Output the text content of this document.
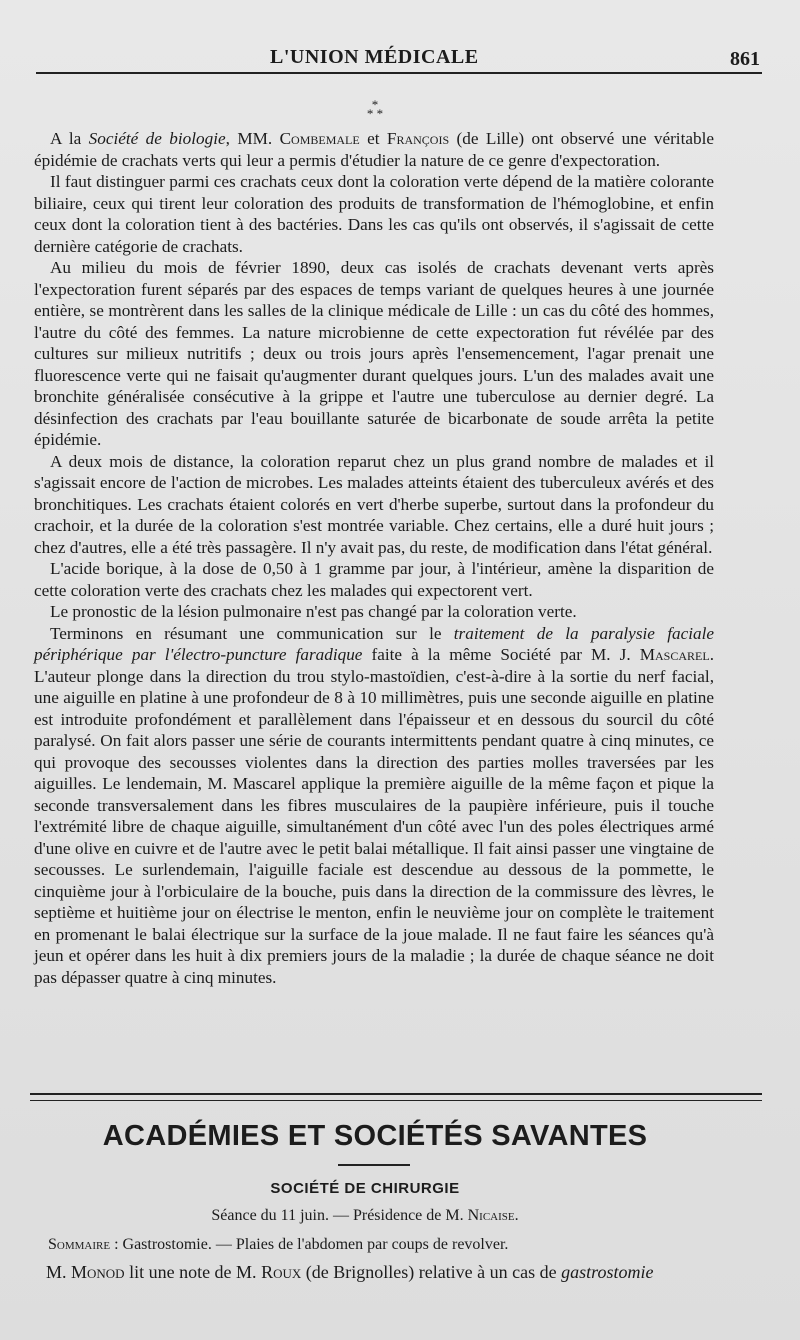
L'UNION MÉDICALE	861
*
* *

A la Société de biologie, MM. Combemale et François (de Lille) ont observé une véritable épidémie de crachats verts qui leur a permis d'étudier la nature de ce genre d'expectoration.

Il faut distinguer parmi ces crachats ceux dont la coloration verte dépend de la matière colorante biliaire, ceux qui tirent leur coloration des produits de transformation de l'hémoglobine, et enfin ceux dont la coloration tient à des bactéries. Dans les cas qu'ils ont observés, il s'agissait de cette dernière catégorie de crachats.

Au milieu du mois de février 1890, deux cas isolés de crachats devenant verts après l'expectoration furent séparés par des espaces de temps variant de quelques heures à une journée entière, se montrèrent dans les salles de la clinique médicale de Lille : un cas du côté des hommes, l'autre du côté des femmes. La nature microbienne de cette expectoration fut révélée par des cultures sur milieux nutritifs ; deux ou trois jours après l'ensemencement, l'agar prenait une fluorescence verte qui ne faisait qu'augmenter durant quelques jours. L'un des malades avait une bronchite généralisée consécutive à la grippe et l'autre une tuberculose au dernier degré. La désinfection des crachats par l'eau bouillante saturée de bicarbonate de soude arrêta la petite épidémie.

A deux mois de distance, la coloration reparut chez un plus grand nombre de malades et il s'agissait encore de l'action de microbes. Les malades atteints étaient des tuberculeux avérés et des bronchitiques. Les crachats étaient colorés en vert d'herbe superbe, surtout dans la profondeur du crachoir, et la durée de la coloration s'est montrée variable. Chez certains, elle a duré huit jours ; chez d'autres, elle a été très passagère. Il n'y avait pas, du reste, de modification dans l'état général.

L'acide borique, à la dose de 0,50 à 1 gramme par jour, à l'intérieur, amène la disparition de cette coloration verte des crachats chez les malades qui expectorent vert.

Le pronostic de la lésion pulmonaire n'est pas changé par la coloration verte.

Terminons en résumant une communication sur le traitement de la paralysie faciale périphérique par l'électro-puncture faradique faite à la même Société par M. J. Mascarel. L'auteur plonge dans la direction du trou stylo-mastoïdien, c'est-à-dire à la sortie du nerf facial, une aiguille en platine à une profondeur de 8 à 10 millimètres, puis une seconde aiguille en platine est introduite profondément et parallèlement dans l'épaisseur et en dessous du sourcil du côté paralysé. On fait alors passer une série de courants intermittents pendant quatre à cinq minutes, ce qui provoque des secousses violentes dans la direction des parties molles traversées par les aiguilles. Le lendemain, M. Mascarel applique la première aiguille de la même façon et pique la seconde transversalement dans les fibres musculaires de la paupière inférieure, puis il touche l'extrémité libre de chaque aiguille, simultanément d'un côté avec l'un des poles électriques armé d'une olive en cuivre et de l'autre avec le petit balai métallique. Il fait ainsi passer une vingtaine de secousses. Le surlendemain, l'aiguille faciale est descendue au dessous de la pommette, le cinquième jour à l'orbiculaire de la bouche, puis dans la direction de la commissure des lèvres, le septième et huitième jour on électrise le menton, enfin le neuvième jour on complète le traitement en promenant le balai électrique sur la surface de la joue malade. Il ne faut faire les séances qu'à jeun et opérer dans les huit à dix premiers jours de la maladie ; la durée de chaque séance ne doit pas dépasser quatre à cinq minutes.

ACADÉMIES ET SOCIÉTÉS SAVANTES
SOCIÉTÉ DE CHIRURGIE
Séance du 11 juin. — Présidence de M. Nicaise.
Sommaire : Gastrostomie. — Plaies de l'abdomen par coups de revolver.
M. Monod lit une note de M. Roux (de Brignolles) relative à un cas de gastrostomie
